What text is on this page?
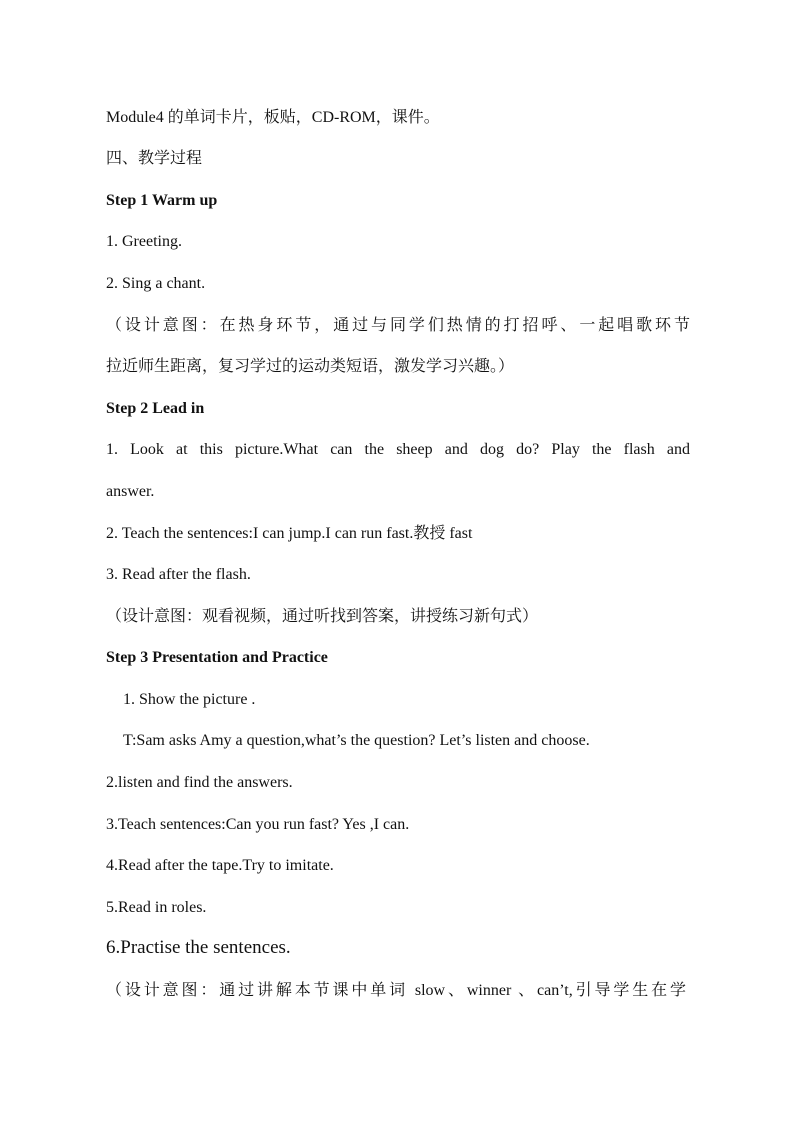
Module4 的单词卡片，板贴，CD-ROM，课件。
四、教学过程
Step 1 Warm up
1. Greeting.
2. Sing a chant.
（设计意图：在热身环节，通过与同学们热情的打招呼、一起唱歌环节
拉近师生距离，复习学过的运动类短语，激发学习兴趣。）
Step 2 Lead in
1. Look at this picture.What can the sheep and dog do? Play the flash and
answer.
2. Teach the sentences:I can jump.I can run fast.教授 fast
3. Read after the flash.
（设计意图：观看视频，通过听找到答案，讲授练习新句式）
Step 3 Presentation and Practice
1. Show the picture .
T:Sam asks Amy a question,what’s the question? Let’s listen and choose.
2.listen and find the answers.
3.Teach sentences:Can you run fast? Yes ,I can.
4.Read after the tape.Try to imitate.
5.Read in roles.
6.Practise the sentences.
（设计意图：通过讲解本节课中单词 slow、winner 、can’t,引导学生在学
